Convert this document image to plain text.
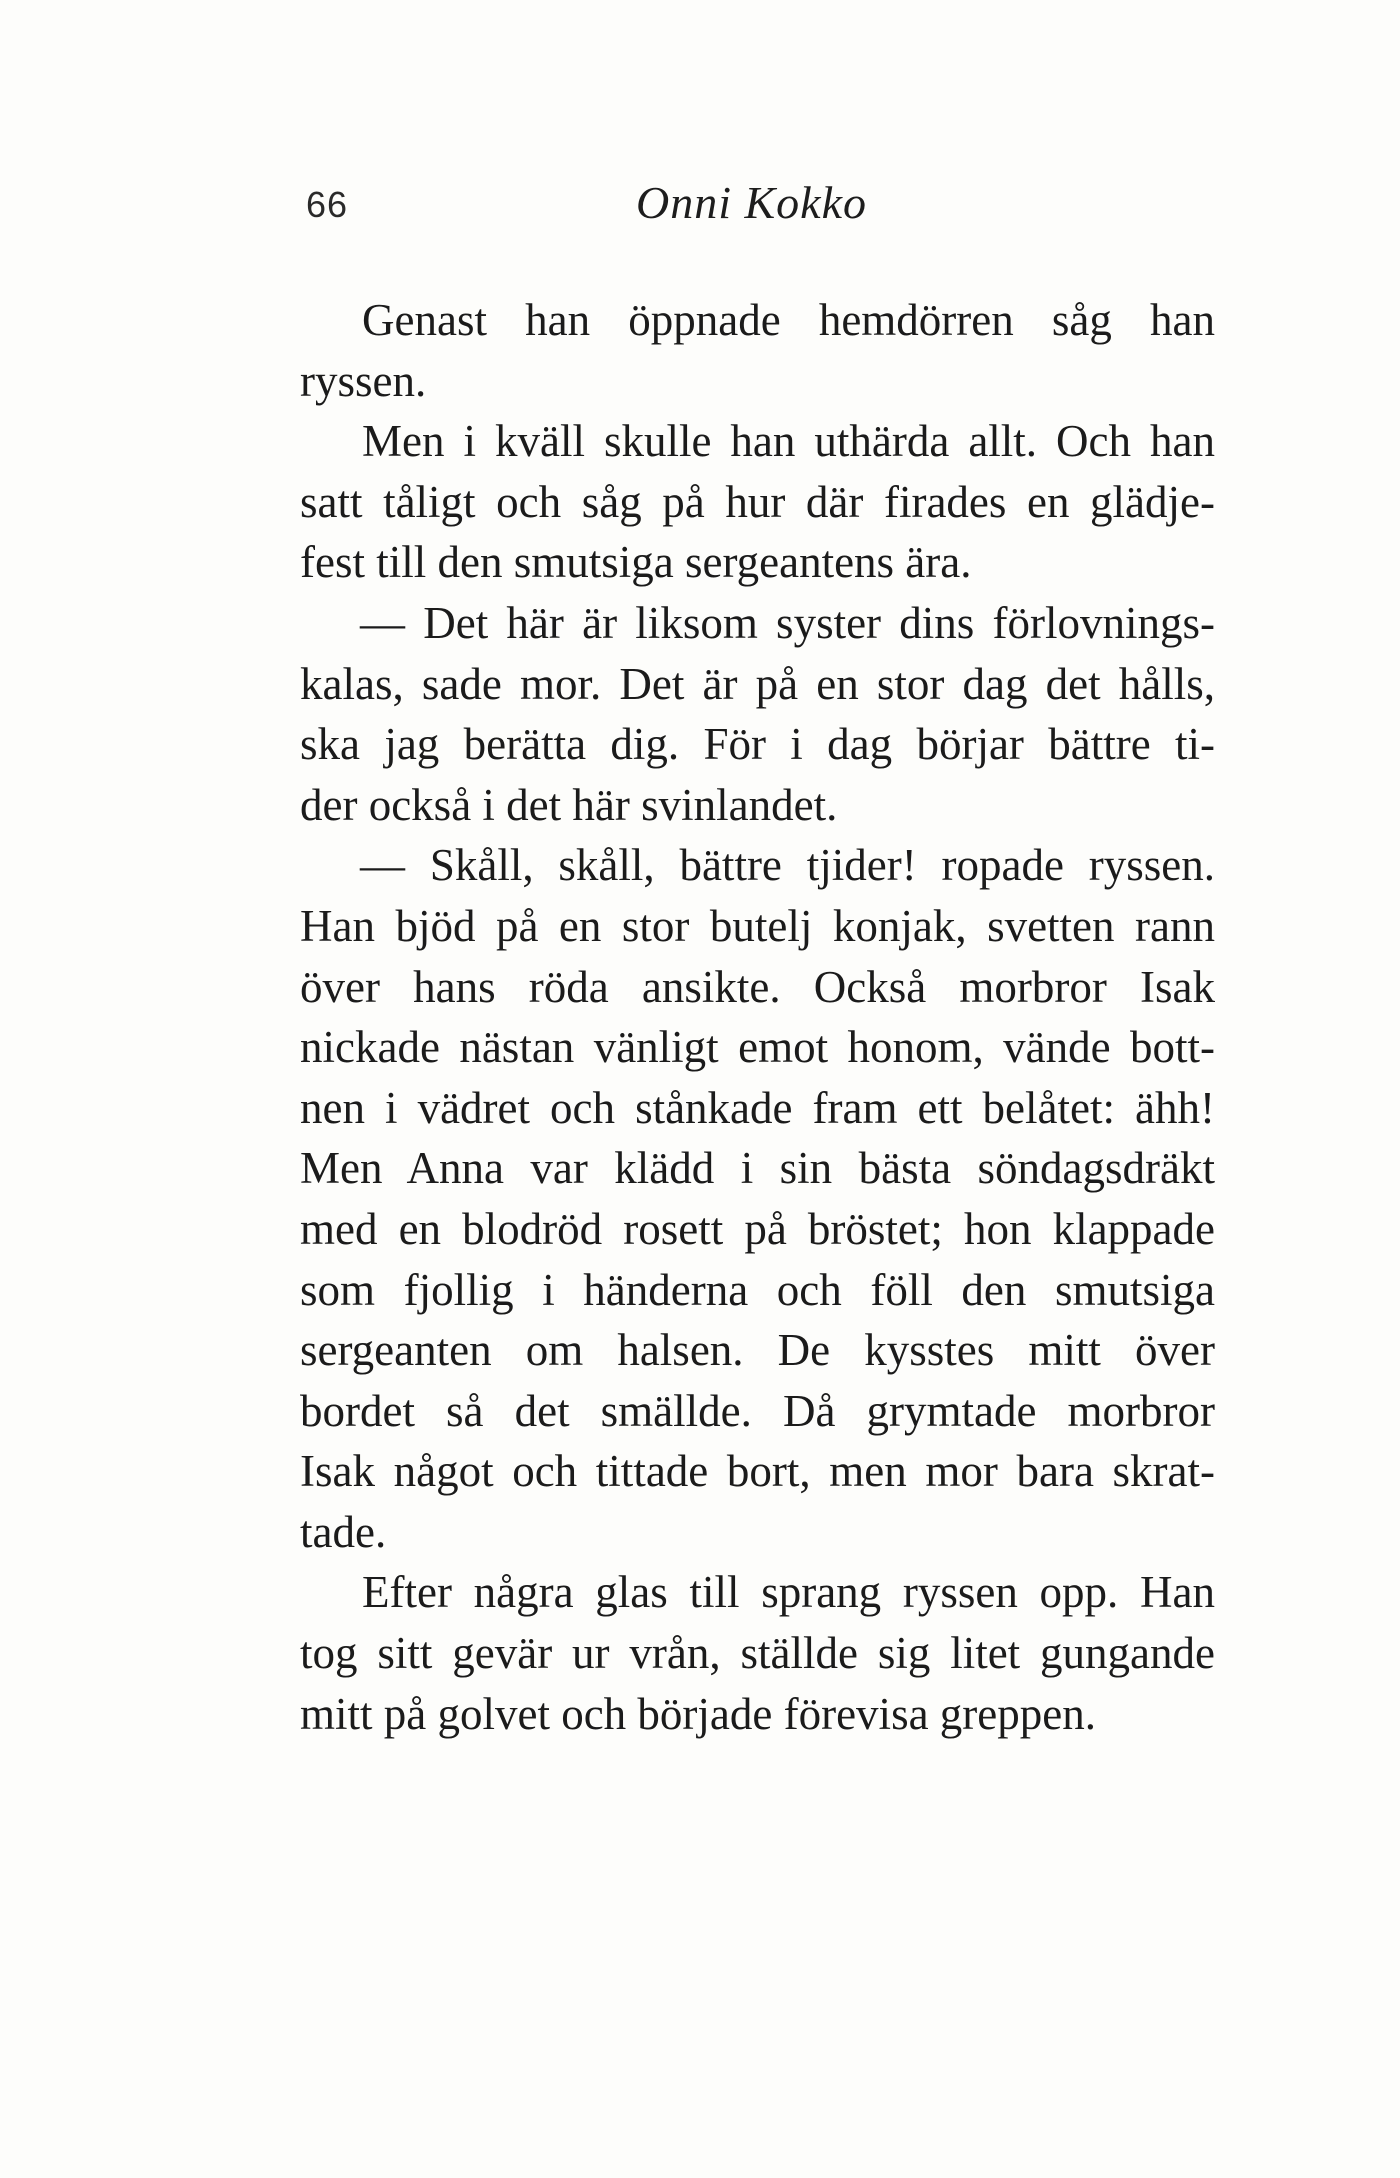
66	Onni Kokko
Genast han öppnade hemdörren såg han
ryssen.
Men i kväll skulle han uthärda allt. Och han
satt tåligt och såg på hur där firades en glädje-
fest till den smutsiga sergeantens ära.
— Det här är liksom syster dins förlovnings-
kalas, sade mor. Det är på en stor dag det hålls,
ska jag berätta dig. För i dag börjar bättre ti-
der också i det här svinlandet.
— Skåll, skåll, bättre tjider! ropade ryssen.
Han bjöd på en stor butelj konjak, svetten rann
över hans röda ansikte. Också morbror Isak
nickade nästan vänligt emot honom, vände bott-
nen i vädret och stånkade fram ett belåtet: ähh!
Men Anna var klädd i sin bästa söndagsdräkt
med en blodröd rosett på bröstet; hon klappade
som fjollig i händerna och föll den smutsiga
sergeanten om halsen. De kysstes mitt över
bordet så det smällde. Då grymtade morbror
Isak något och tittade bort, men mor bara skrat-
tade.
Efter några glas till sprang ryssen opp. Han
tog sitt gevär ur vrån, ställde sig litet gungande
mitt på golvet och började förevisa greppen.
